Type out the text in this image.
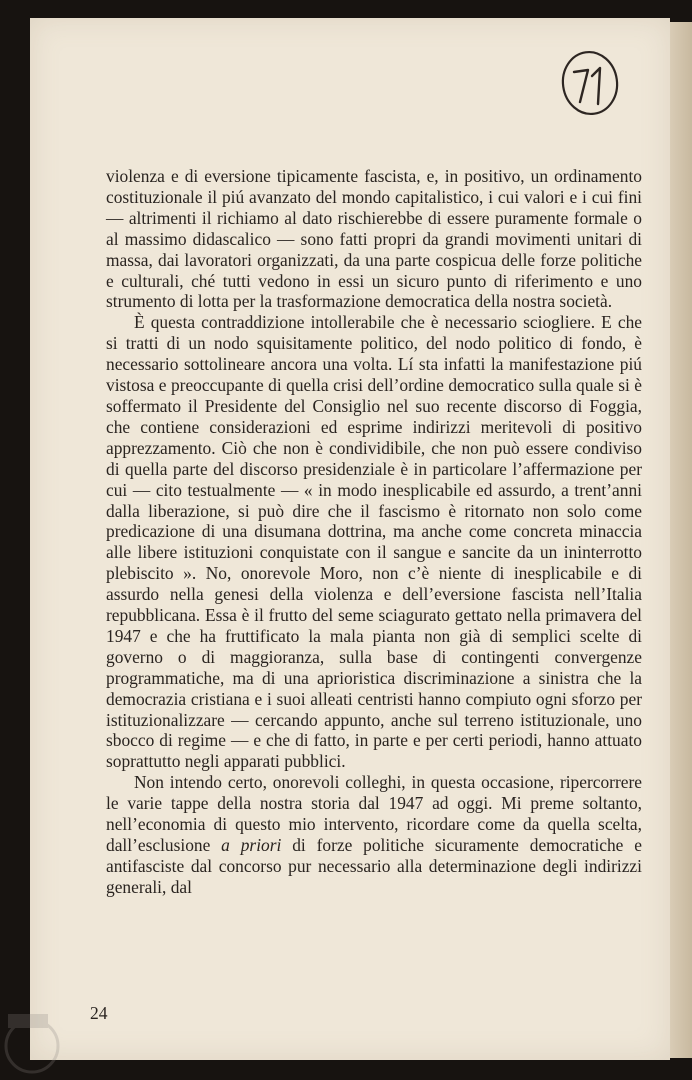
violenza e di eversione tipicamente fascista, e, in positivo, un ordinamento costituzionale il piú avanzato del mondo capitalistico, i cui valori e i cui fini — altrimenti il richiamo al dato rischierebbe di essere puramente formale o al massimo didascalico — sono fatti propri da grandi movimenti unitari di massa, dai lavoratori organizzati, da una parte cospicua delle forze politiche e culturali, ché tutti vedono in essi un sicuro punto di riferimento e uno strumento di lotta per la trasformazione democratica della nostra società.

È questa contraddizione intollerabile che è necessario sciogliere. E che si tratti di un nodo squisitamente politico, del nodo politico di fondo, è necessario sottolineare ancora una volta. Lí sta infatti la manifestazione piú vistosa e preoccupante di quella crisi dell’ordine democratico sulla quale si è soffermato il Presidente del Consiglio nel suo recente discorso di Foggia, che contiene considerazioni ed esprime indirizzi meritevoli di positivo apprezzamento. Ciò che non è condividibile, che non può essere condiviso di quella parte del discorso presidenziale è in particolare l’affermazione per cui — cito testualmente — « in modo inesplicabile ed assurdo, a trent’anni dalla liberazione, si può dire che il fascismo è ritornato non solo come predicazione di una disumana dottrina, ma anche come concreta minaccia alle libere istituzioni conquistate con il sangue e sancite da un ininterrotto plebiscito ». No, onorevole Moro, non c’è niente di inesplicabile e di assurdo nella genesi della violenza e dell’eversione fascista nell’Italia repubblicana. Essa è il frutto del seme sciagurato gettato nella primavera del 1947 e che ha fruttificato la mala pianta non già di semplici scelte di governo o di maggioranza, sulla base di contingenti convergenze programmatiche, ma di una aprioristica discriminazione a sinistra che la democrazia cristiana e i suoi alleati centristi hanno compiuto ogni sforzo per istituzionalizzare — cercando appunto, anche sul terreno istituzionale, uno sbocco di regime — e che di fatto, in parte e per certi periodi, hanno attuato soprattutto negli apparati pubblici.

Non intendo certo, onorevoli colleghi, in questa occasione, ripercorrere le varie tappe della nostra storia dal 1947 ad oggi. Mi preme soltanto, nell’economia di questo mio intervento, ricordare come da quella scelta, dall’esclusione a priori di forze politiche sicuramente democratiche e antifasciste dal concorso pur necessario alla determinazione degli indirizzi generali, dal

24
